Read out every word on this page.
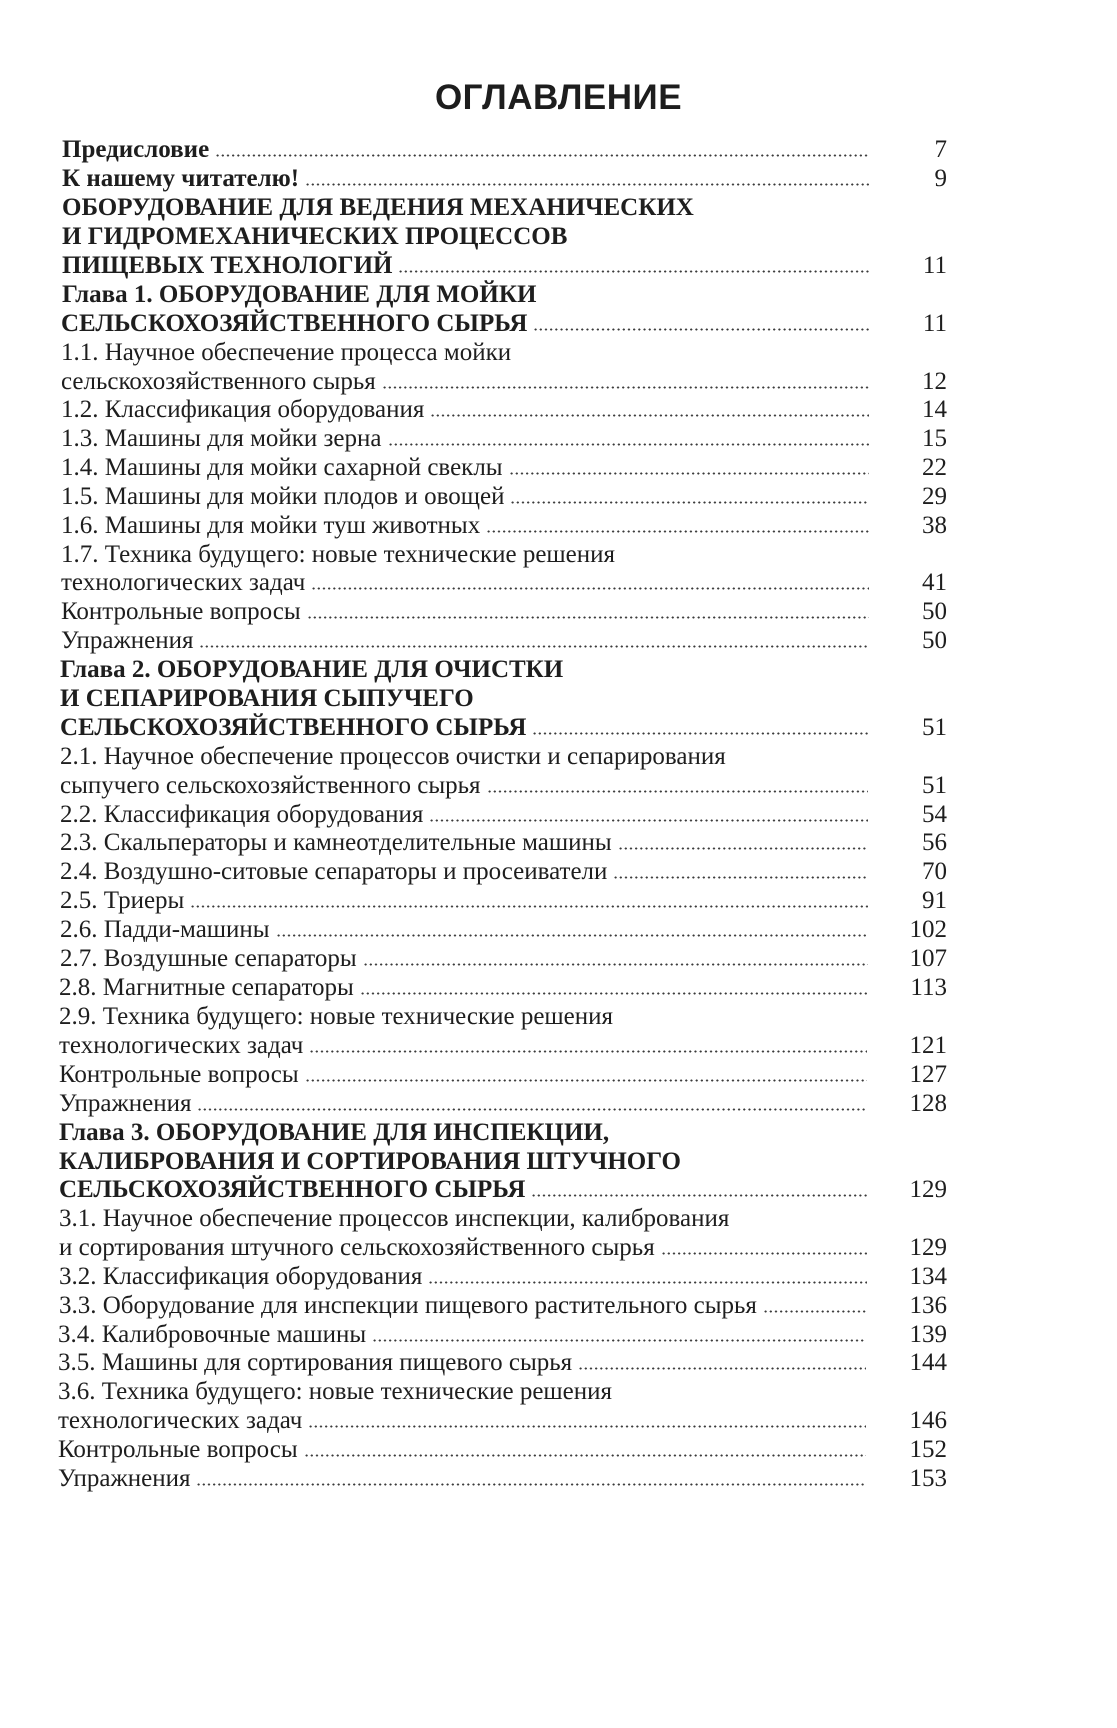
ОГЛАВЛЕНИЕ
Предисловие	7
К нашему читателю!	9
ОБОРУДОВАНИЕ ДЛЯ ВЕДЕНИЯ МЕХАНИЧЕСКИХ
И ГИДРОМЕХАНИЧЕСКИХ ПРОЦЕССОВ
ПИЩЕВЫХ ТЕХНОЛОГИЙ	11
Глава 1. ОБОРУДОВАНИЕ ДЛЯ МОЙКИ
СЕЛЬСКОХОЗЯЙСТВЕННОГО СЫРЬЯ	11
1.1. Научное обеспечение процесса мойки
сельскохозяйственного сырья	12
1.2. Классификация оборудования	14
1.3. Машины для мойки зерна	15
1.4. Машины для мойки сахарной свеклы	22
1.5. Машины для мойки плодов и овощей	29
1.6. Машины для мойки туш животных	38
1.7. Техника будущего: новые технические решения
технологических задач	41
Контрольные вопросы	50
Упражнения	50
Глава 2. ОБОРУДОВАНИЕ ДЛЯ ОЧИСТКИ
И СЕПАРИРОВАНИЯ СЫПУЧЕГО
СЕЛЬСКОХОЗЯЙСТВЕННОГО СЫРЬЯ	51
2.1. Научное обеспечение процессов очистки и сепарирования
сыпучего сельскохозяйственного сырья	51
2.2. Классификация оборудования	54
2.3. Скальператоры и камнеотделительные машины	56
2.4. Воздушно-ситовые сепараторы и просеиватели	70
2.5. Триеры	91
2.6. Падди-машины	102
2.7. Воздушные сепараторы	107
2.8. Магнитные сепараторы	113
2.9. Техника будущего: новые технические решения
технологических задач	121
Контрольные вопросы	127
Упражнения	128
Глава 3. ОБОРУДОВАНИЕ ДЛЯ ИНСПЕКЦИИ,
КАЛИБРОВАНИЯ И СОРТИРОВАНИЯ ШТУЧНОГО
СЕЛЬСКОХОЗЯЙСТВЕННОГО СЫРЬЯ	129
3.1. Научное обеспечение процессов инспекции, калибрования
и сортирования штучного сельскохозяйственного сырья	129
3.2. Классификация оборудования	134
3.3. Оборудование для инспекции пищевого растительного сырья	136
3.4. Калибровочные машины	139
3.5. Машины для сортирования пищевого сырья	144
3.6. Техника будущего: новые технические решения
технологических задач	146
Контрольные вопросы	152
Упражнения	153
